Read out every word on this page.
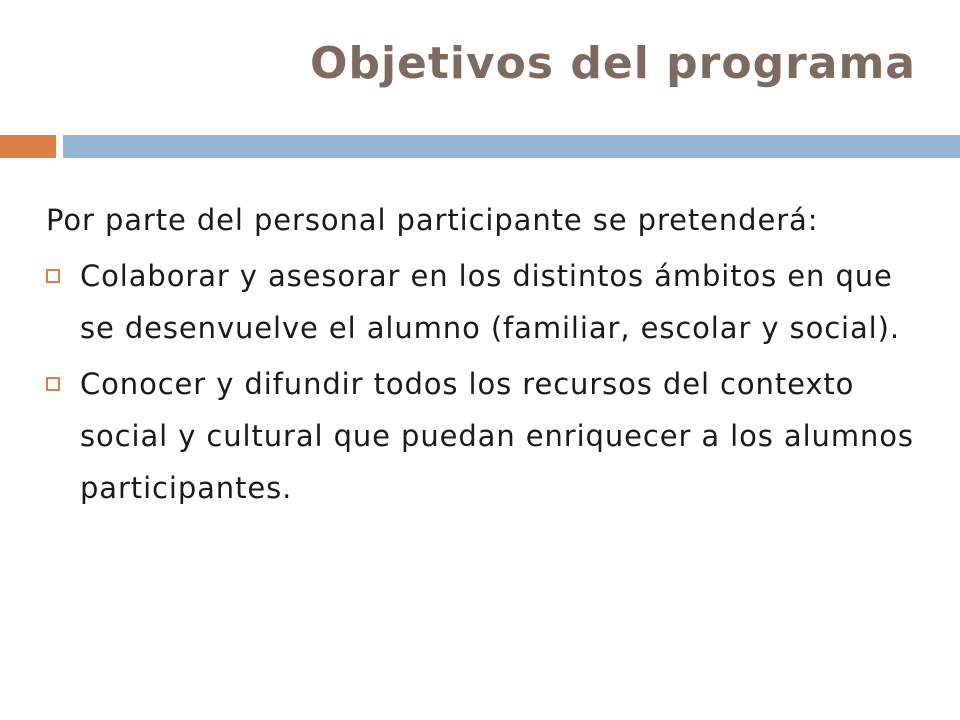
Objetivos del programa

Por parte del personal participante se pretenderá:

Colaborar y asesorar en los distintos ámbitos en que se desenvuelve el alumno (familiar, escolar y social).
Conocer y difundir todos los recursos del contexto social y cultural que puedan enriquecer a los alumnos participantes.
